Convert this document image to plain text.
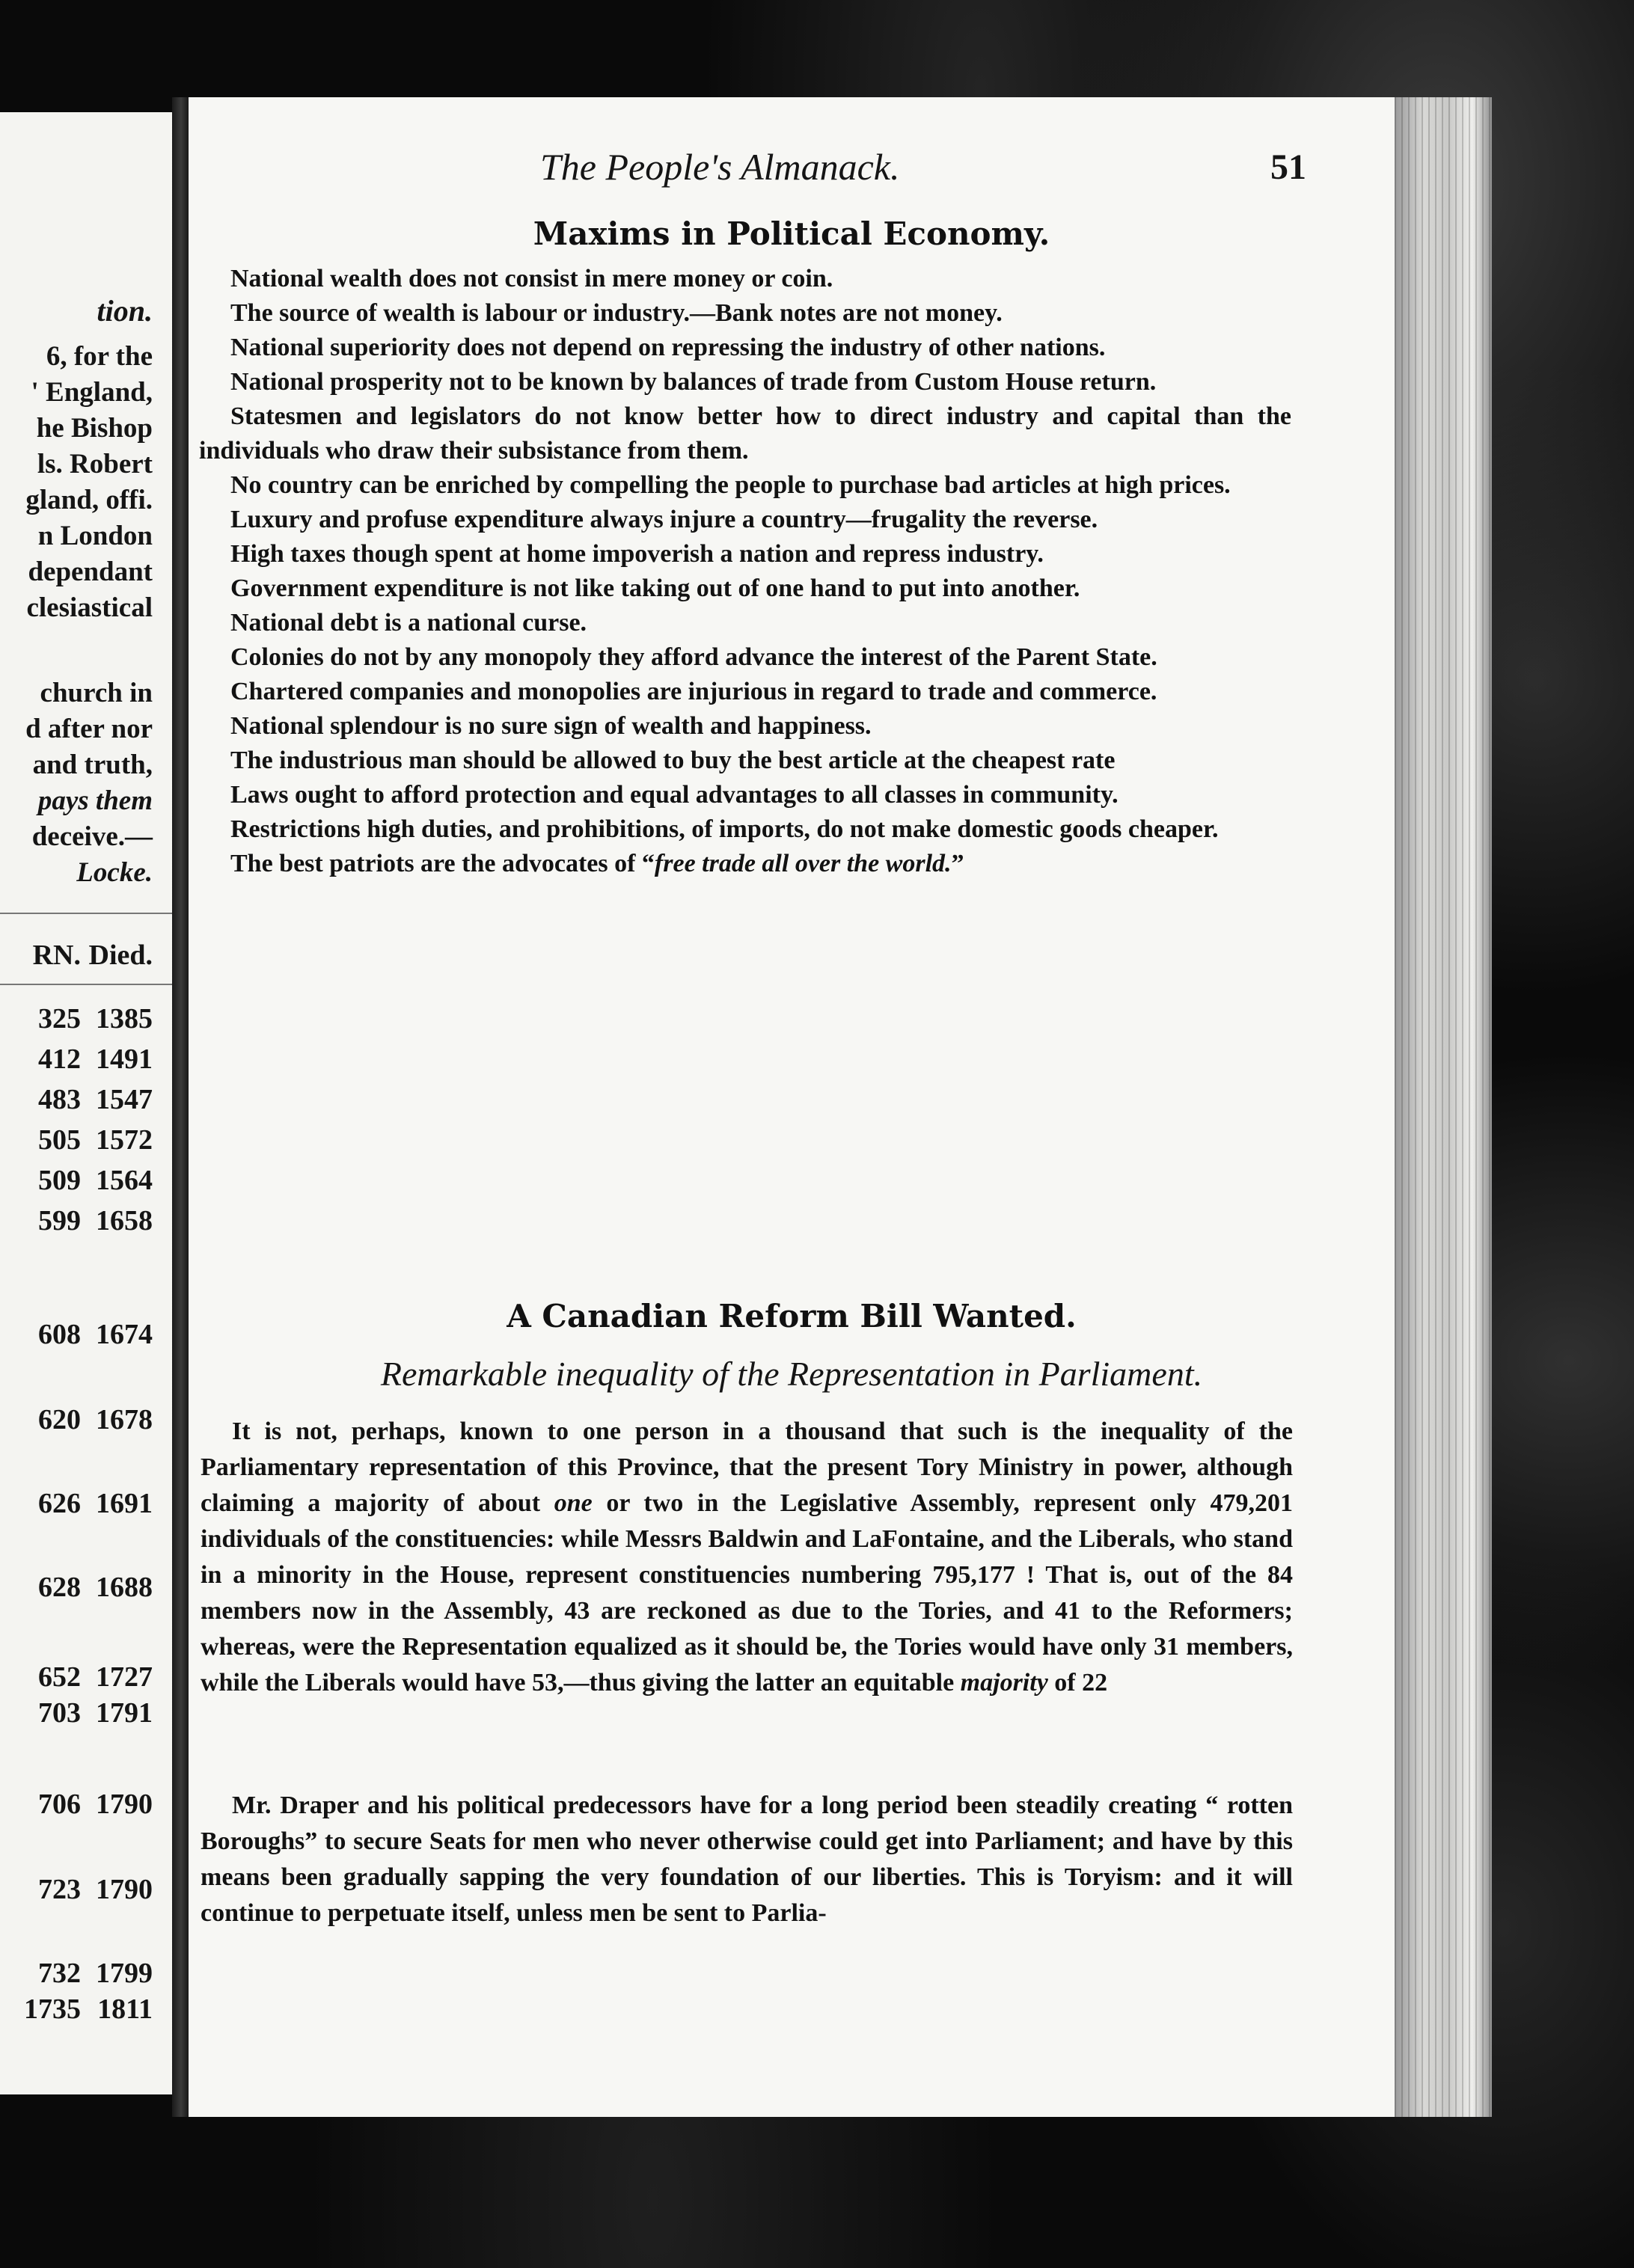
tion.
6, for the
' England,
he Bishop
ls. Robert
gland, offi.
n London
dependant
clesiastical
church in
d after nor
and truth,
pays them
deceive.—
Locke.
RN. Died.
325 1385
412 1491
483 1547
505 1572
509 1564
599 1658
608 1674
620 1678
626 1691
628 1688
652 1727
703 1791
706 1790
723 1790
732 1799
1735 1811
The People's Almanack.	51
Maxims in Political Economy.

National wealth does not consist in mere money or coin.

The source of wealth is labour or industry.—Bank notes are not money.

National superiority does not depend on repressing the industry of other nations.

National prosperity not to be known by balances of trade from Custom House return.

Statesmen and legislators do not know better how to direct industry and capital than the individuals who draw their subsistance from them.

No country can be enriched by compelling the people to purchase bad articles at high prices.

Luxury and profuse expenditure always injure a country—frugality the reverse.

High taxes though spent at home impoverish a nation and repress industry.

Government expenditure is not like taking out of one hand to put into another.

National debt is a national curse.

Colonies do not by any monopoly they afford advance the interest of the Parent State.

Chartered companies and monopolies are injurious in regard to trade and commerce.

National splendour is no sure sign of wealth and happiness.

The industrious man should be allowed to buy the best article at the cheapest rate

Laws ought to afford protection and equal advantages to all classes in community.

Restrictions high duties, and prohibitions, of imports, do not make domestic goods cheaper.

The best patriots are the advocates of “free trade all over the world.”

A Canadian Reform Bill Wanted.
Remarkable inequality of the Representation in Parliament.
It is not, perhaps, known to one person in a thousand that such is the inequality of the Parliamentary representation of this Province, that the present Tory Ministry in power, although claiming a majority of about one or two in the Legislative Assembly, represent only 479,201 individuals of the constituencies: while Messrs Baldwin and LaFontaine, and the Liberals, who stand in a minority in the House, represent constituencies numbering 795,177 ! That is, out of the 84 members now in the Assembly, 43 are reckoned as due to the Tories, and 41 to the Reformers; whereas, were the Representation equalized as it should be, the Tories would have only 31 members, while the Liberals would have 53,—thus giving the latter an equitable majority of 22
Mr. Draper and his political predecessors have for a long period been steadily creating “ rotten Boroughs” to secure Seats for men who never otherwise could get into Parliament; and have by this means been gradually sapping the very foundation of our liberties. This is Toryism: and it will continue to perpetuate itself, unless men be sent to Parlia-
